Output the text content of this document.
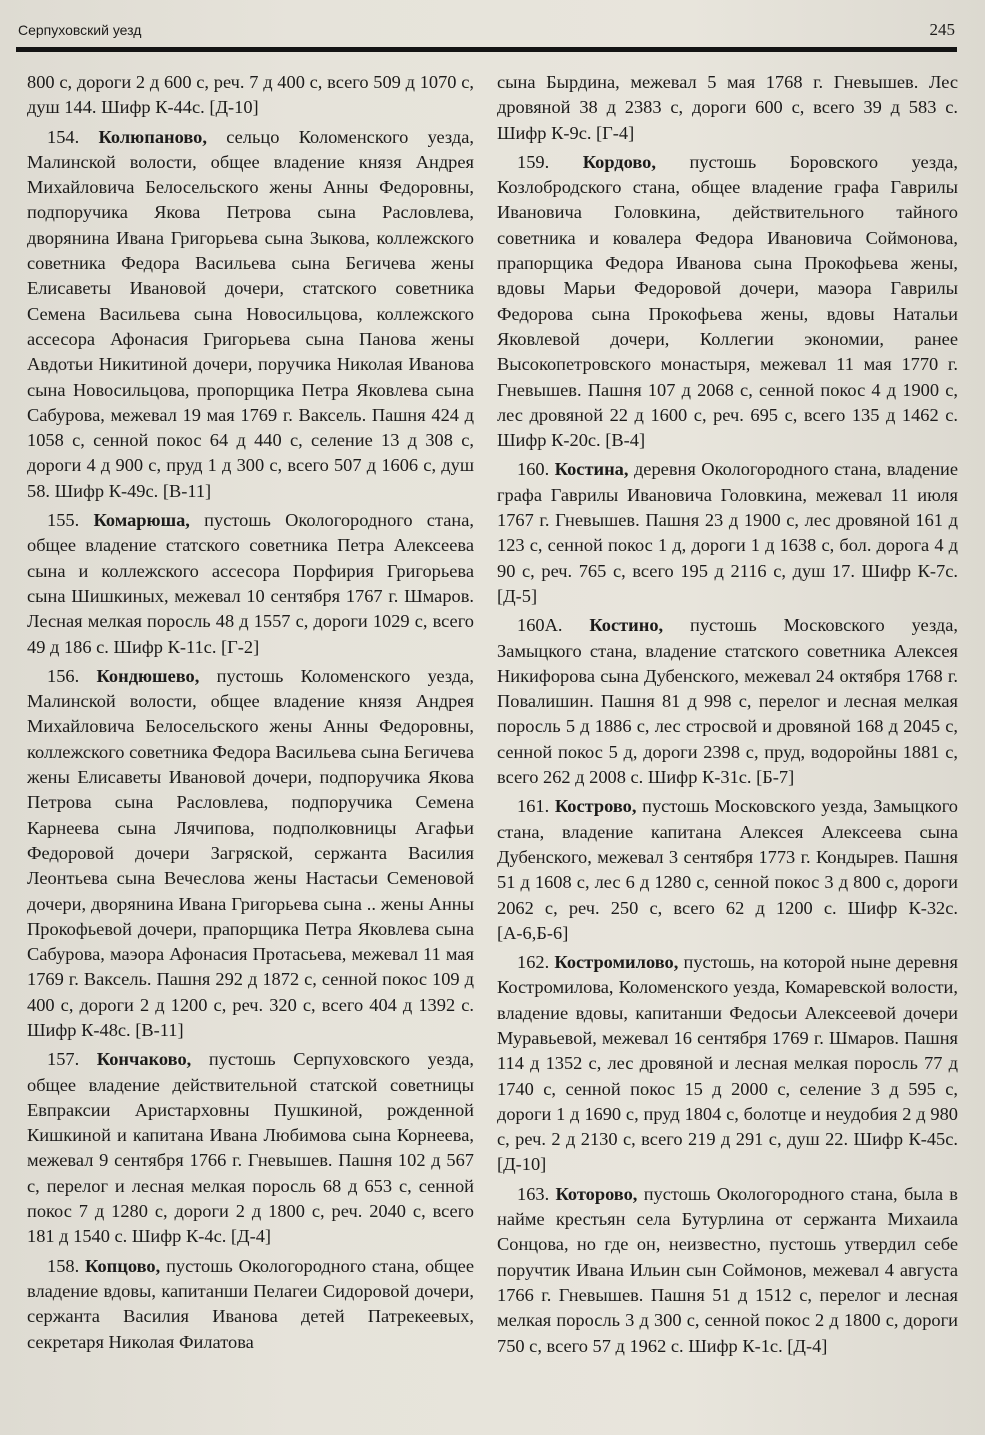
Серпуховский уезд	245

800 с, дороги 2 д 600 с, реч. 7 д 400 с, всего 509 д 1070 с, душ 144. Шифр К-44с. [Д-10]

154. Колюпаново, сельцо Коломенского уезда, Малинской волости, общее владение князя Андрея Михайловича Белосельского жены Анны Федоровны, подпоручика Якова Петрова сына Расловлева, дворянина Ивана Григорьева сына Зыкова, коллежского советника Федора Васильева сына Бегичева жены Елисаветы Ивановой дочери, статского советника Семена Васильева сына Новосильцова, коллежского ассесора Афонасия Григорьева сына Панова жены Авдотьи Никитиной дочери, поручика Николая Иванова сына Новосильцова, пропорщика Петра Яковлева сына Сабурова, межевал 19 мая 1769 г. Ваксель. Пашня 424 д 1058 с, сенной покос 64 д 440 с, селение 13 д 308 с, дороги 4 д 900 с, пруд 1 д 300 с, всего 507 д 1606 с, душ 58. Шифр К-49с. [В-11]

155. Комарюша, пустошь Окологородного стана, общее владение статского советника Петра Алексеева сына и коллежского ассесора Порфирия Григорьева сына Шишкиных, межевал 10 сентября 1767 г. Шмаров. Лесная мелкая поросль 48 д 1557 с, дороги 1029 с, всего 49 д 186 с. Шифр К-11с. [Г-2]

156. Кондюшево, пустошь Коломенского уезда, Малинской волости, общее владение князя Андрея Михайловича Белосельского жены Анны Федоровны, коллежского советника Федора Васильева сына Бегичева жены Елисаветы Ивановой дочери, подпоручика Якова Петрова сына Расловлева, подпоручика Семена Карнеева сына Лячипова, подполковницы Агафьи Федоровой дочери Загряской, сержанта Василия Леонтьева сына Вечеслова жены Настасьи Семеновой дочери, дворянина Ивана Григорьева сына .. жены Анны Прокофьевой дочери, прапорщика Петра Яковлева сына Сабурова, маэора Афонасия Протасьева, межевал 11 мая 1769 г. Ваксель. Пашня 292 д 1872 с, сенной покос 109 д 400 с, дороги 2 д 1200 с, реч. 320 с, всего 404 д 1392 с. Шифр К-48с. [В-11]

157. Кончаково, пустошь Серпуховского уезда, общее владение действительной статской советницы Евпраксии Аристарховны Пушкиной, рожденной Кишкиной и капитана Ивана Любимова сына Корнеева, межевал 9 сентября 1766 г. Гневышев. Пашня 102 д 567 с, перелог и лесная мелкая поросль 68 д 653 с, сенной покос 7 д 1280 с, дороги 2 д 1800 с, реч. 2040 с, всего 181 д 1540 с. Шифр К-4с. [Д-4]

158. Копцово, пустошь Окологородного стана, общее владение вдовы, капитанши Пелагеи Сидоровой дочери, сержанта Василия Иванова детей Патрекеевых, секретаря Николая Филатова

сына Бырдина, межевал 5 мая 1768 г. Гневышев. Лес дровяной 38 д 2383 с, дороги 600 с, всего 39 д 583 с. Шифр К-9с. [Г-4]

159. Кордово, пустошь Боровского уезда, Козлобродского стана, общее владение графа Гаврилы Ивановича Головкина, действительного тайного советника и ковалера Федора Ивановича Соймонова, прапорщика Федора Иванова сына Прокофьева жены, вдовы Марьи Федоровой дочери, маэора Гаврилы Федорова сына Прокофьева жены, вдовы Натальи Яковлевой дочери, Коллегии экономии, ранее Высокопетровского монастыря, межевал 11 мая 1770 г. Гневышев. Пашня 107 д 2068 с, сенной покос 4 д 1900 с, лес дровяной 22 д 1600 с, реч. 695 с, всего 135 д 1462 с. Шифр К-20с. [В-4]

160. Костина, деревня Окологородного стана, владение графа Гаврилы Ивановича Головкина, межевал 11 июля 1767 г. Гневышев. Пашня 23 д 1900 с, лес дровяной 161 д 123 с, сенной покос 1 д, дороги 1 д 1638 с, бол. дорога 4 д 90 с, реч. 765 с, всего 195 д 2116 с, душ 17. Шифр К-7с. [Д-5]

160А. Костино, пустошь Московского уезда, Замыцкого стана, владение статского советника Алексея Никифорова сына Дубенского, межевал 24 октября 1768 г. Повалишин. Пашня 81 д 998 с, перелог и лесная мелкая поросль 5 д 1886 с, лес стросвой и дровяной 168 д 2045 с, сенной покос 5 д, дороги 2398 с, пруд, водоройны 1881 с, всего 262 д 2008 с. Шифр К-31с. [Б-7]

161. Кострово, пустошь Московского уезда, Замыцкого стана, владение капитана Алексея Алексеева сына Дубенского, межевал 3 сентября 1773 г. Кондырев. Пашня 51 д 1608 с, лес 6 д 1280 с, сенной покос 3 д 800 с, дороги 2062 с, реч. 250 с, всего 62 д 1200 с. Шифр К-32с. [А-6,Б-6]

162. Костромилово, пустошь, на которой ныне деревня Костромилова, Коломенского уезда, Комаревской волости, владение вдовы, капитанши Федосьи Алексеевой дочери Муравьевой, межевал 16 сентября 1769 г. Шмаров. Пашня 114 д 1352 с, лес дровяной и лесная мелкая поросль 77 д 1740 с, сенной покос 15 д 2000 с, селение 3 д 595 с, дороги 1 д 1690 с, пруд 1804 с, болотце и неудобия 2 д 980 с, реч. 2 д 2130 с, всего 219 д 291 с, душ 22. Шифр К-45с. [Д-10]

163. Которово, пустошь Окологородного стана, была в найме крестьян села Бутурлина от сержанта Михаила Сонцова, но где он, неизвестно, пустошь утвердил себе поручтик Ивана Ильин сын Соймонов, межевал 4 августа 1766 г. Гневышев. Пашня 51 д 1512 с, перелог и лесная мелкая поросль 3 д 300 с, сенной покос 2 д 1800 с, дороги 750 с, всего 57 д 1962 с. Шифр К-1с. [Д-4]
